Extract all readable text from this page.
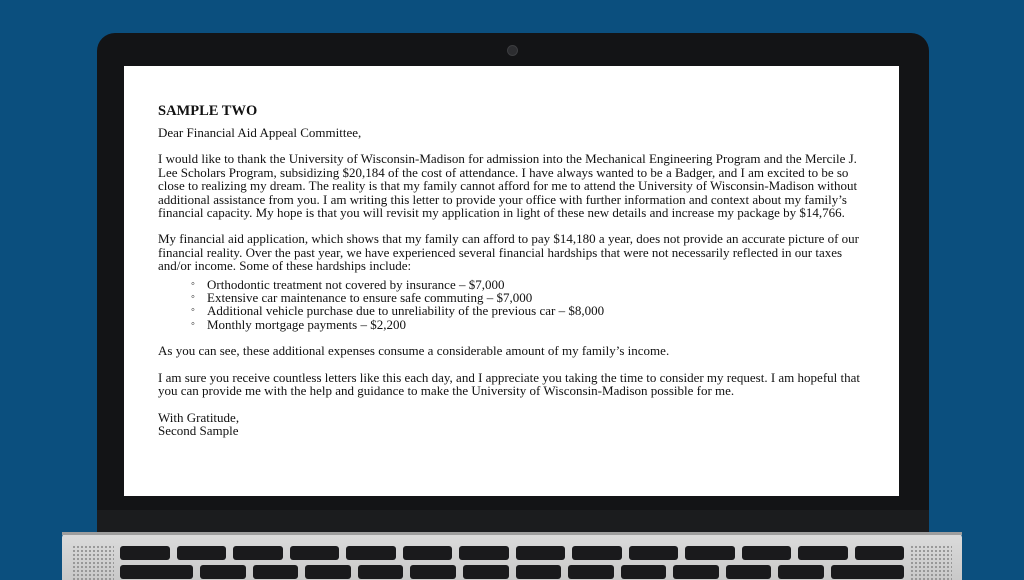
SAMPLE TWO

Dear Financial Aid Appeal Committee,

I would like to thank the University of Wisconsin-Madison for admission into the Mechanical Engineering Program and the Mercile J. Lee Scholars Program, subsidizing $20,184 of the cost of attendance. I have always wanted to be a Badger, and I am excited to be so close to realizing my dream. The reality is that my family cannot afford for me to attend the University of Wisconsin-Madison without additional assistance from you. I am writing this letter to provide your office with further information and context about my family’s financial capacity. My hope is that you will revisit my application in light of these new details and increase my package by $14,766.

My financial aid application, which shows that my family can afford to pay $14,180 a year, does not provide an accurate picture of our financial reality. Over the past year, we have experienced several financial hardships that were not necessarily reflected in our taxes and/or income. Some of these hardships include:

◦ Orthodontic treatment not covered by insurance – $7,000
◦ Extensive car maintenance to ensure safe commuting – $7,000
◦ Additional vehicle purchase due to unreliability of the previous car – $8,000
◦ Monthly mortgage payments – $2,200

As you can see, these additional expenses consume a considerable amount of my family’s income.

I am sure you receive countless letters like this each day, and I appreciate you taking the time to consider my request. I am hopeful that you can provide me with the help and guidance to make the University of Wisconsin-Madison possible for me.

With Gratitude,
Second Sample
